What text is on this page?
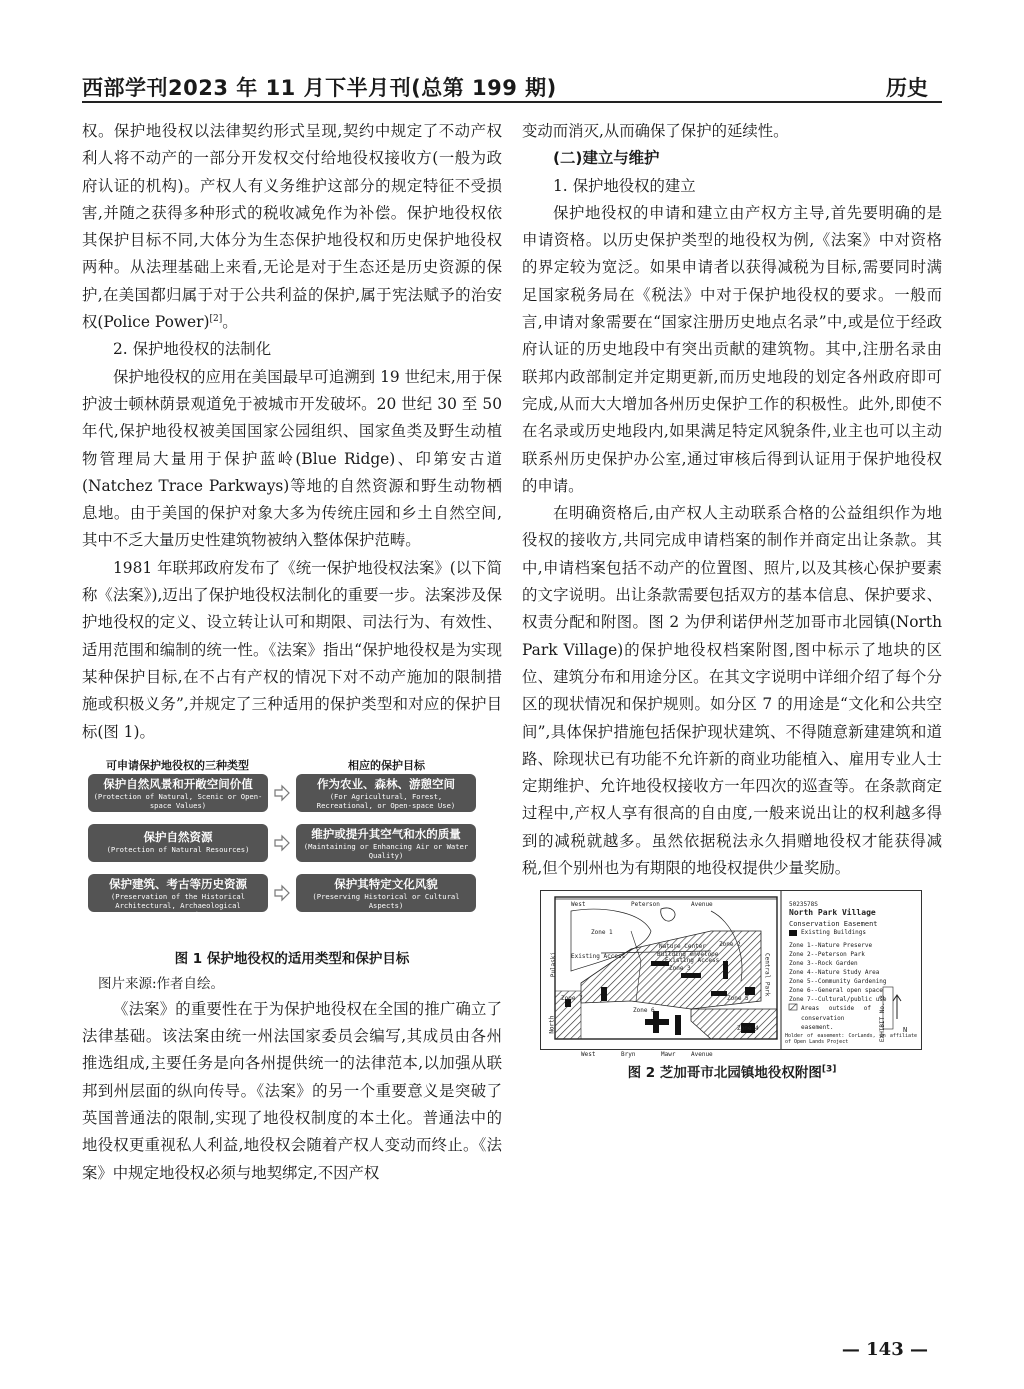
西部学刊2023 年 11 月下半月刊(总第 199 期)	历史

权。保护地役权以法律契约形式呈现,契约中规定了不动产权利人将不动产的一部分开发权交付给地役权接收方(一般为政府认证的机构)。产权人有义务维护这部分的规定特征不受损害,并随之获得多种形式的税收减免作为补偿。保护地役权依其保护目标不同,大体分为生态保护地役权和历史保护地役权两种。从法理基础上来看,无论是对于生态还是历史资源的保护,在美国都归属于对于公共利益的保护,属于宪法赋予的治安权(Police Power)[2]。

2. 保护地役权的法制化

保护地役权的应用在美国最早可追溯到 19 世纪末,用于保护波士顿林荫景观道免于被城市开发破坏。20 世纪 30 至 50 年代,保护地役权被美国国家公园组织、国家鱼类及野生动植物管理局大量用于保护蓝岭(Blue Ridge)、印第安古道(Natchez Trace Parkways)等地的自然资源和野生动物栖息地。由于美国的保护对象大多为传统庄园和乡土自然空间,其中不乏大量历史性建筑物被纳入整体保护范畴。

1981 年联邦政府发布了《统一保护地役权法案》(以下简称《法案》),迈出了保护地役权法制化的重要一步。法案涉及保护地役权的定义、设立转让认可和期限、司法行为、有效性、适用范围和编制的统一性。《法案》指出“保护地役权是为实现某种保护目标,在不占有产权的情况下对不动产施加的限制措施或积极义务”,并规定了三种适用的保护类型和对应的保护目标(图 1)。

可申请保护地役权的三种类型	相应的保护目标
保护自然风景和开敞空间价值
(Protection of Natural, Scenic or Open-space Values)
作为农业、森林、游憩空间
(For Agricultural, Forest, Recreational, or Open-space Use)
保护自然资源
(Protection of Natural Resources)
维护或提升其空气和水的质量
(Maintaining or Enhancing Air or Water Quality)
保护建筑、考古等历史资源
(Preservation of the Historical Architectural, Archaeological Resources)
保护其特定文化风貌
(Preserving Historical or Cultural Aspects)
图 1 保护地役权的适用类型和保护目标
图片来源:作者自绘。

《法案》的重要性在于为保护地役权在全国的推广确立了法律基础。该法案由统一州法国家委员会编写,其成员由各州推选组成,主要任务是向各州提供统一的法律范本,以加强从联邦到州层面的纵向传导。《法案》的另一个重要意义是突破了英国普通法的限制,实现了地役权制度的本土化。普通法中的地役权更重视私人利益,地役权会随着产权人变动而终止。《法案》中规定地役权必须与地契绑定,不因产权

变动而消灭,从而确保了保护的延续性。

(二)建立与维护
1. 保护地役权的建立

保护地役权的申请和建立由产权方主导,首先要明确的是申请资格。以历史保护类型的地役权为例,《法案》中对资格的界定较为宽泛。如果申请者以获得减税为目标,需要同时满足国家税务局在《税法》中对于保护地役权的要求。一般而言,申请对象需要在“国家注册历史地点名录”中,或是位于经政府认证的历史地段中有突出贡献的建筑物。其中,注册名录由联邦内政部制定并定期更新,而历史地段的划定各州政府即可完成,从而大大增加各州历史保护工作的积极性。此外,即使不在名录或历史地段内,如果满足特定风貌条件,业主也可以主动联系州历史保护办公室,通过审核后得到认证用于保护地役权的申请。

在明确资格后,由产权人主动联系合格的公益组织作为地役权的接收方,共同完成申请档案的制作并商定出让条款。其中,申请档案包括不动产的位置图、照片,以及其核心保护要素的文字说明。出让条款需要包括双方的基本信息、保护要求、权责分配和附图。图 2 为伊利诺伊州芝加哥市北园镇(North Park Village)的保护地役权档案附图,图中标示了地块的区位、建筑分布和用途分区。在其文字说明中详细介绍了每个分区的现状情况和保护规则。如分区 7 的用途是“文化和公共空间”,具体保护措施包括保护现状建筑、不得随意新建建筑和道路、除现状已有功能不允许新的商业功能植入、雇用专业人士定期维护、允许地役权接收方一年四次的巡查等。在条款商定过程中,产权人享有很高的自由度,一般来说出让的权利越多得到的减税就越多。虽然依据税法永久捐赠地役权才能获得减税,但个别州也为有期限的地役权提供少量奖励。

West	Peterson	Avenue
Pulaski
North
Central Park
West	Bryn	Mawr	Avenue
Zone 1
Zone 2
Zone 3
Zone 4
Zone 5
Zone 6
Zone 7
Nature Center
Building envelope
Existing Access
Existing Access
5023578S
North Park Village
Conservation Easement
Existing Buildings
Zone 1--Nature Preserve
Zone 2--Peterson Park
Zone 3--Rock Garden
Zone 4--Nature Study Area
Zone 5--Community Gardening
Zone 6--General open space
Zone 7--Cultural/public use
Areas outside of conservation easement.	EXHIBIT No. 3	N
Holder of easement: CorLands, an affiliate of Open Lands Project
图 2 芝加哥市北园镇地役权附图[3]
— 143 —
